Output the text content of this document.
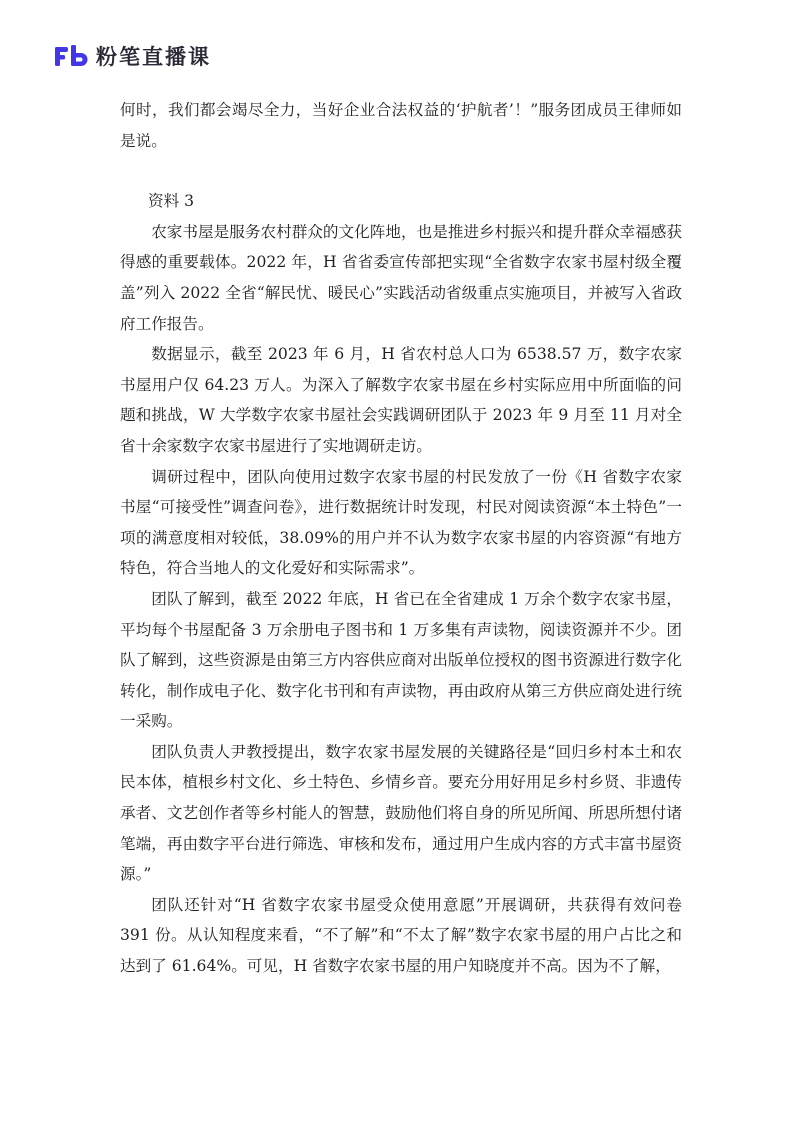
粉笔直播课

何时，我们都会竭尽全力，当好企业合法权益的‘护航者’！”服务团成员王律师如是说。

资料 3

农家书屋是服务农村群众的文化阵地，也是推进乡村振兴和提升群众幸福感获得感的重要载体。2022 年，H 省省委宣传部把实现“全省数字农家书屋村级全覆盖”列入 2022 全省“解民忧、暖民心”实践活动省级重点实施项目，并被写入省政府工作报告。

数据显示，截至 2023 年 6 月，H 省农村总人口为 6538.57 万，数字农家书屋用户仅 64.23 万人。为深入了解数字农家书屋在乡村实际应用中所面临的问题和挑战，W 大学数字农家书屋社会实践调研团队于 2023 年 9 月至 11 月对全省十余家数字农家书屋进行了实地调研走访。

调研过程中，团队向使用过数字农家书屋的村民发放了一份《H 省数字农家书屋“可接受性”调查问卷》，进行数据统计时发现，村民对阅读资源“本土特色”一项的满意度相对较低，38.09%的用户并不认为数字农家书屋的内容资源“有地方特色，符合当地人的文化爱好和实际需求”。

团队了解到，截至 2022 年底，H 省已在全省建成 1 万余个数字农家书屋，平均每个书屋配备 3 万余册电子图书和 1 万多集有声读物，阅读资源并不少。团队了解到，这些资源是由第三方内容供应商对出版单位授权的图书资源进行数字化转化，制作成电子化、数字化书刊和有声读物，再由政府从第三方供应商处进行统一采购。

团队负责人尹教授提出，数字农家书屋发展的关键路径是“回归乡村本土和农民本体，植根乡村文化、乡土特色、乡情乡音。要充分用好用足乡村乡贤、非遗传承者、文艺创作者等乡村能人的智慧，鼓励他们将自身的所见所闻、所思所想付诸笔端，再由数字平台进行筛选、审核和发布，通过用户生成内容的方式丰富书屋资源。”

团队还针对“H 省数字农家书屋受众使用意愿”开展调研，共获得有效问卷 391 份。从认知程度来看，“不了解”和“不太了解”数字农家书屋的用户占比之和达到了 61.64%。可见，H 省数字农家书屋的用户知晓度并不高。因为不了解，
